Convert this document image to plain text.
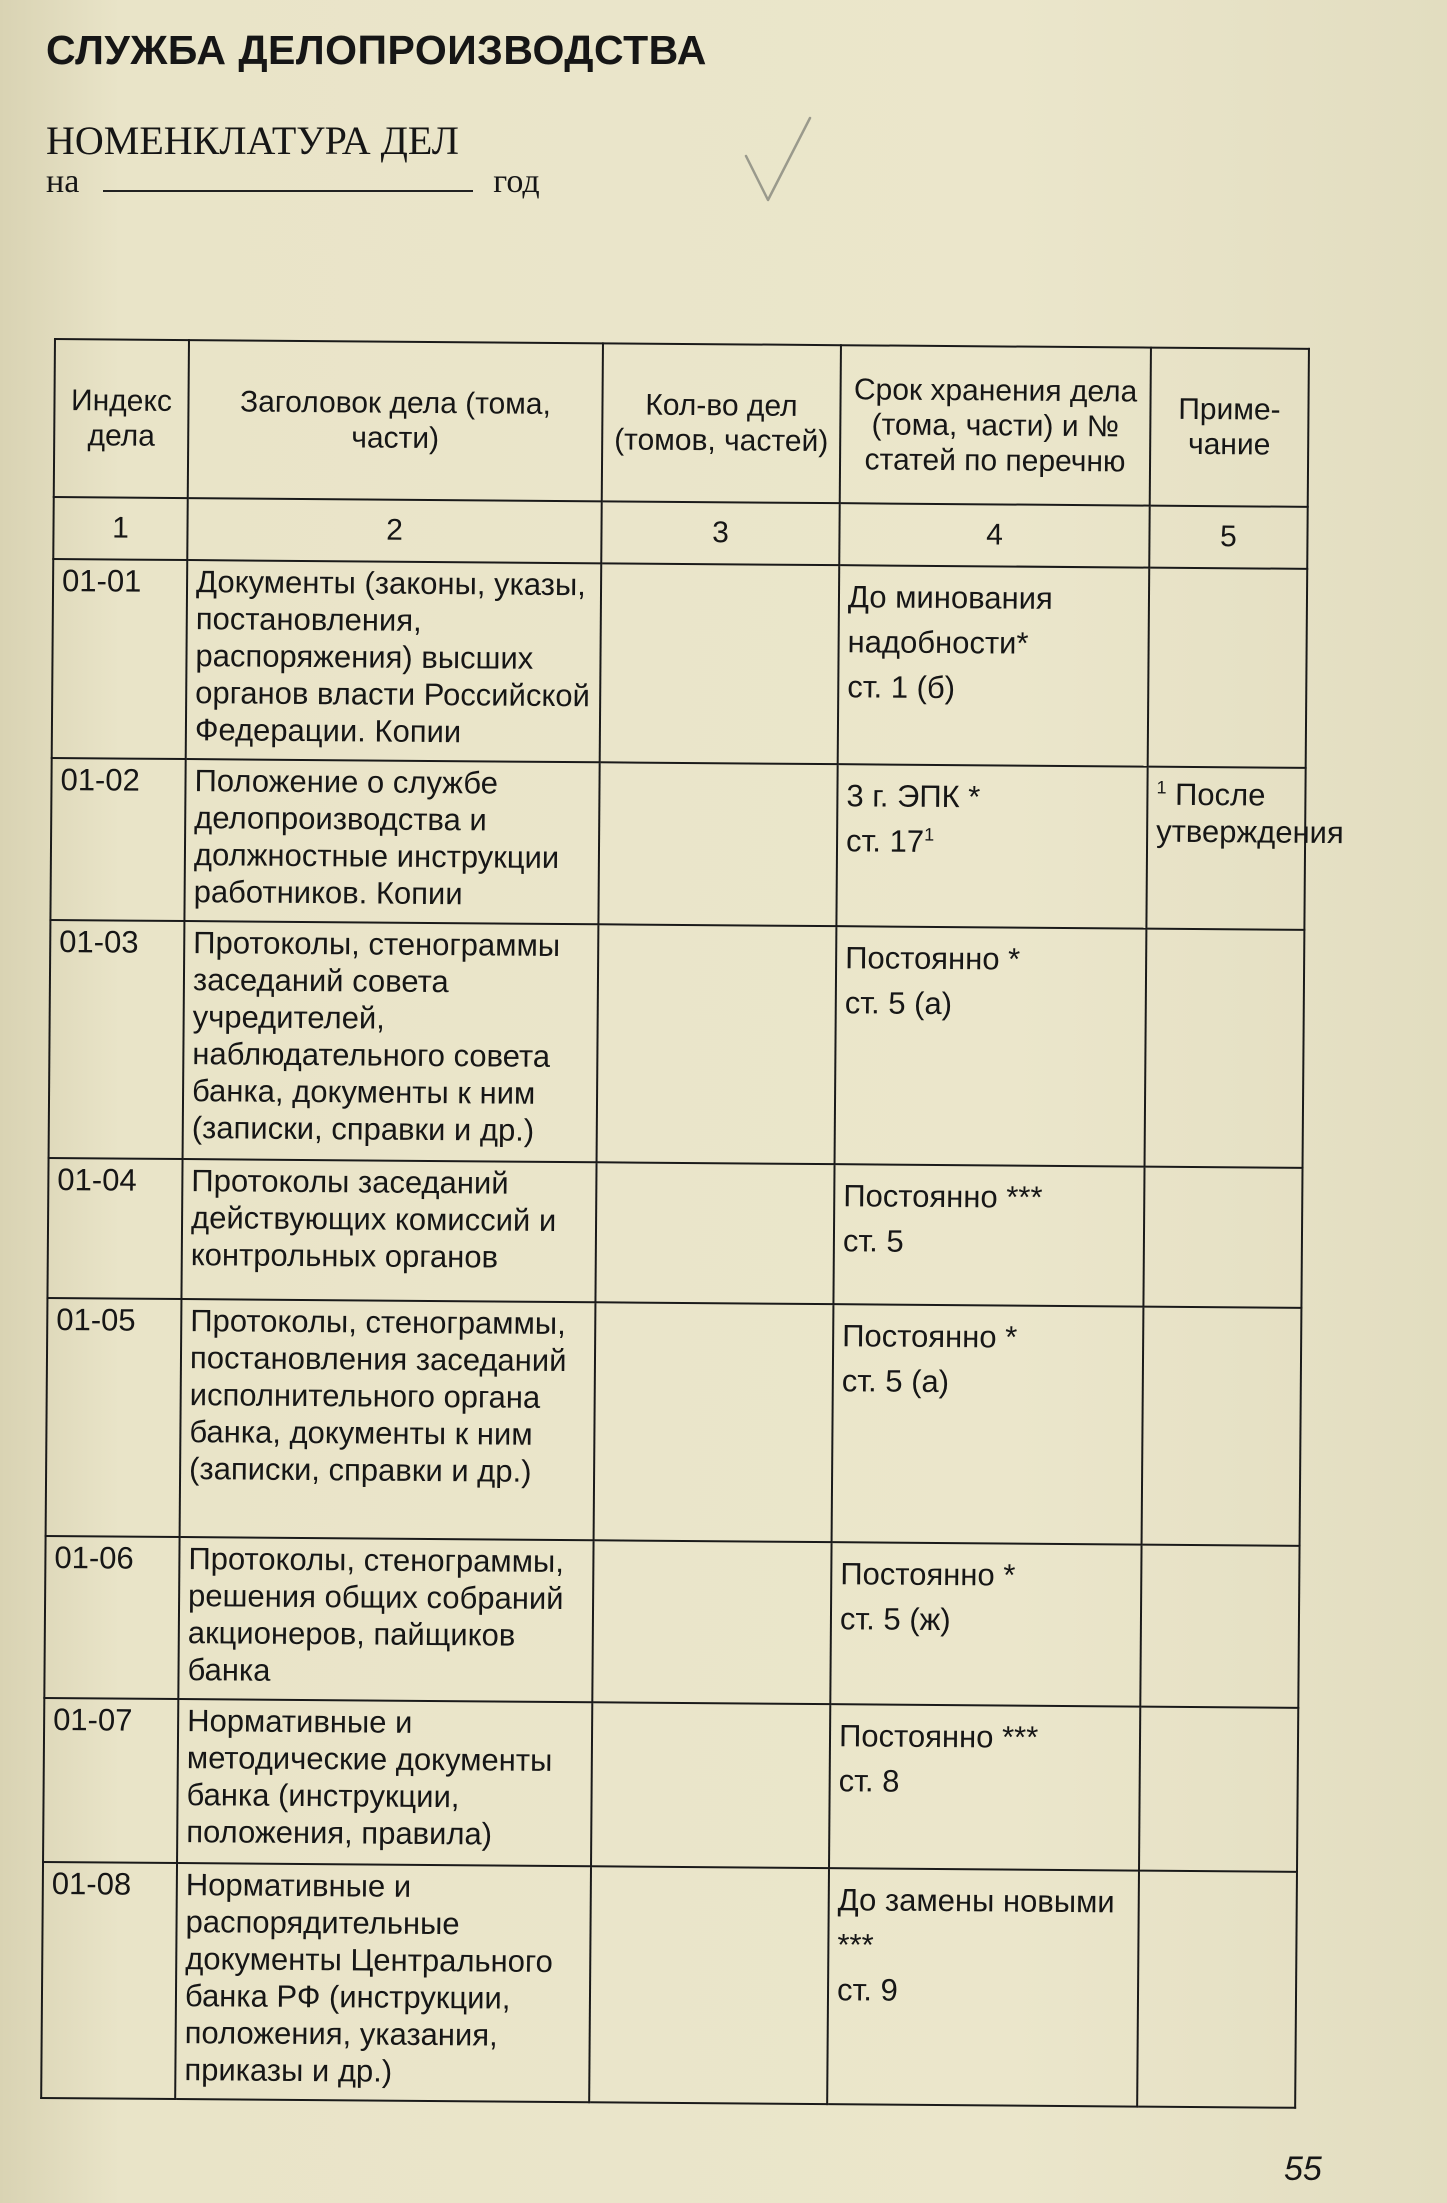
СЛУЖБА ДЕЛОПРОИЗВОДСТВА
НОМЕНКЛАТУРА ДЕЛ
на	год
Индекс дела	Заголовок дела (тома, части)	Кол-во дел (томов, частей)	Срок хранения дела (тома, части) и № статей по перечню	Приме-чание
1	2	3	4	5
01-01	Документы (законы, указы, постановления, распоряжения) высших органов власти Российской Федерации. Копии		До минования надобности*
ст. 1 (б)	

01-02	Положение о службе делопроизводства и должностные инструкции работников. Копии		3 г. ЭПК *
ст. $17^1$	$^1$ После утверждения

01-03	Протоколы, стенограммы заседаний совета учредителей, наблюдательного совета банка, документы к ним (записки, справки и др.)		Постоянно *
ст. 5 (а)	

01-04	Протоколы заседаний действующих комиссий и контрольных органов		Постоянно ***
ст. 5	

01-05	Протоколы, стенограммы, постановления заседаний исполнительного органа банка, документы к ним (записки, справки и др.)		Постоянно *
ст. 5 (а)	

01-06	Протоколы, стенограммы, решения общих собраний акционеров, пайщиков банка		Постоянно *
ст. 5 (ж)	

01-07	Нормативные и методические документы банка (инструкции, положения, правила)		Постоянно ***
ст. 8	

01-08	Нормативные и распорядительные документы Центрального банка РФ (инструкции, положения, указания, приказы и др.)		До замены новыми ***
ст. 9	

55
